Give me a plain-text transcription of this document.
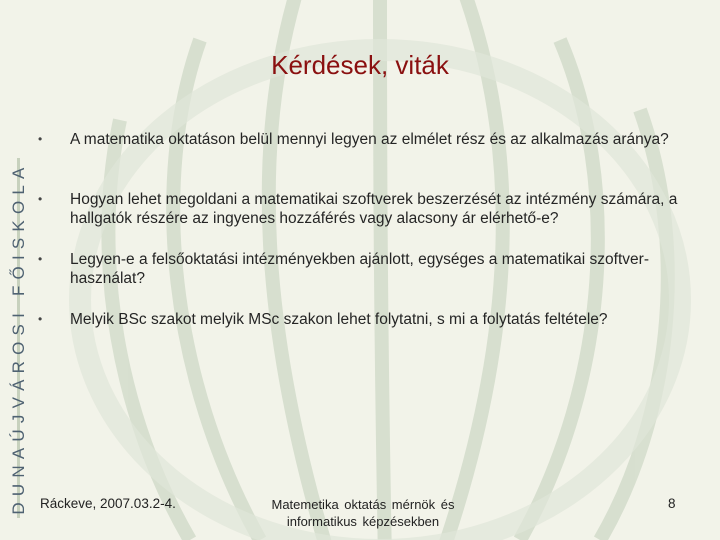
DUNAÚJVÁROSI FŐISKOLA
Kérdések, viták
• A matematika oktatáson belül mennyi legyen az elmélet rész és az alkalmazás aránya?
• Hogyan lehet megoldani a matematikai szoftverek beszerzését az intézmény számára, a hallgatók részére az ingyenes hozzáférés vagy alacsony ár elérhető-e?
• Legyen-e a felsőoktatási intézményekben ajánlott, egységes a matematikai szoftver-használat?
• Melyik BSc szakot melyik MSc szakon lehet folytatni, s mi a folytatás feltétele?
Ráckeve, 2007.03.2-4.	Matemetika oktatás mérnök és informatikus képzésekben
8
